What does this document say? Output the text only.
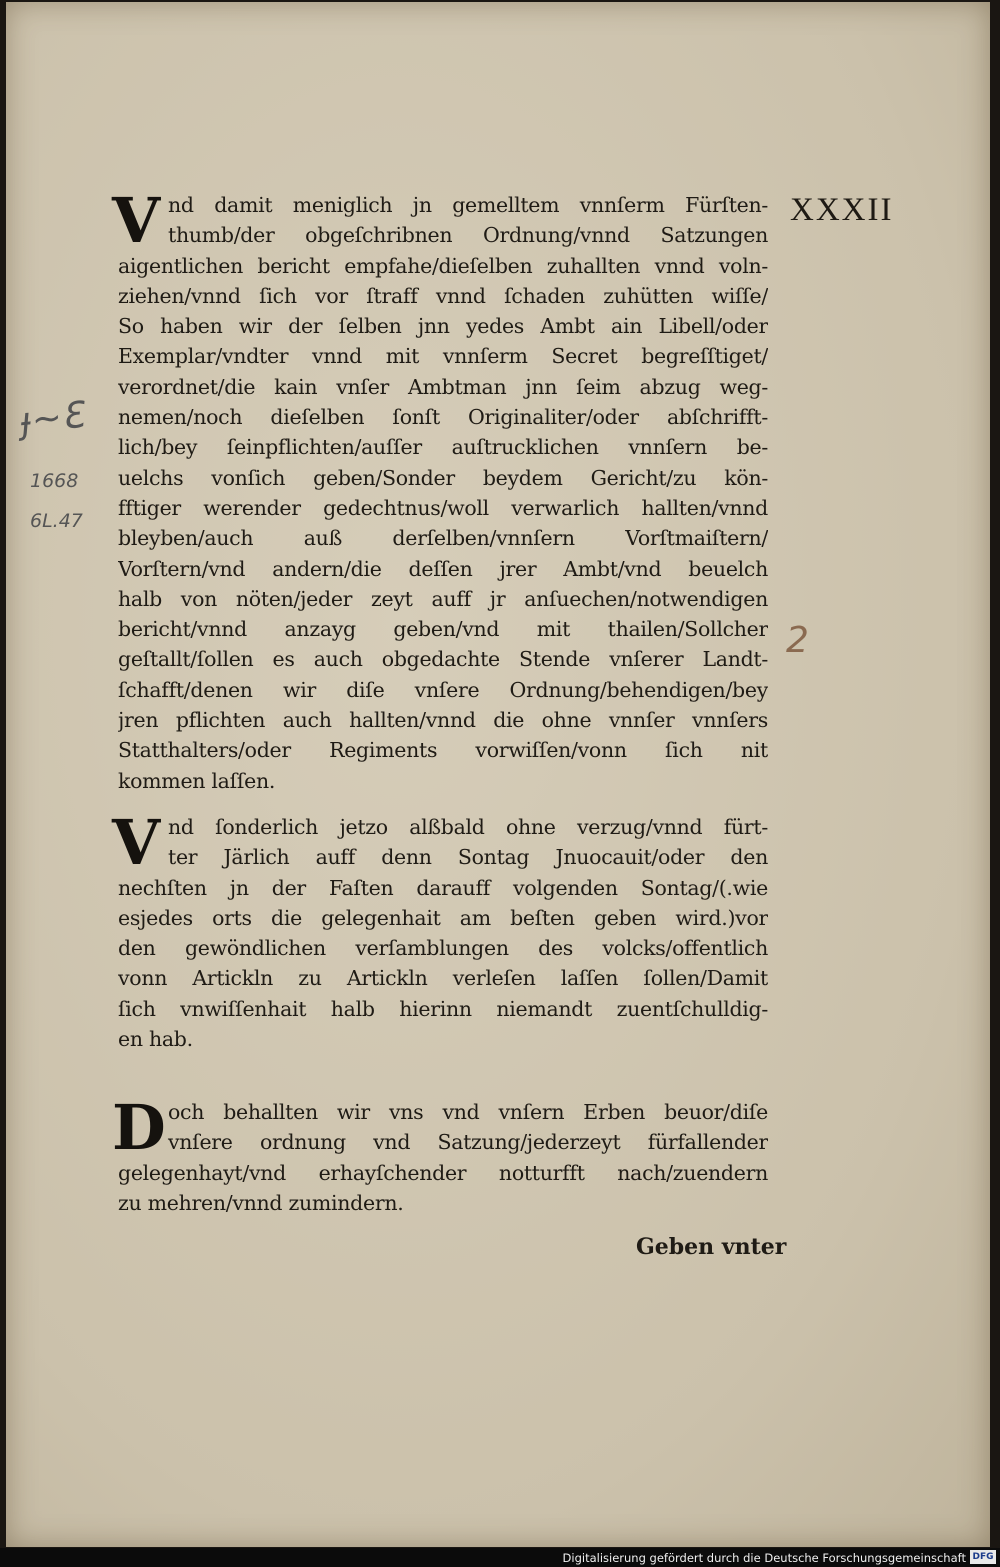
XXXII
V nd damit meniglich jn gemelltem vnnſerm Fürſten-
thumb/der obgeſchribnen Ordnung/vnnd Satzungen
aigentlichen bericht empfahe/dieſelben zuhallten vnnd voln-
ziehen/vnnd ſich vor ſtraff vnnd ſchaden zuhütten wiſſe/
So haben wir der ſelben jnn yedes Ambt ain Libell/oder
Exemplar/vndter vnnd mit vnnſerm Secret begreſſtiget/
verordnet/die kain vnſer Ambtman jnn ſeim abzug weg-
nemen/noch dieſelben ſonſt Originaliter/oder abſchrifft-
lich/bey ſeinpflichten/auſſer auſtrucklichen vnnſern be-
uelchs vonſich geben/Sonder beydem Gericht/zu kön-
fftiger werender gedechtnus/woll verwarlich hallten/vnnd
bleyben/auch auß derſelben/vnnſern Vorſtmaiſtern/
Vorſtern/vnd andern/die deſſen jrer Ambt/vnd beuelch
halb von nöten/jeder zeyt auff jr anſuechen/notwendigen
bericht/vnnd anzayg geben/vnd mit thailen/Sollcher
geſtallt/ſollen es auch obgedachte Stende vnſerer Landt-
ſchafft/denen wir diſe vnſere Ordnung/behendigen/bey
jren pflichten auch hallten/vnnd die ohne vnnſer vnnſers
Statthalters/oder Regiments vorwiſſen/vonn ſich nit
kommen laſſen.
V nd ſonderlich jetzo alßbald ohne verzug/vnnd fürt-
ter Järlich auff denn Sontag Jnuocauit/oder den
nechſten jn der Faſten darauff volgenden Sontag/(.wie
esjedes orts die gelegenhait am beſten geben wird.)vor
den gewöndlichen verſamblungen des volcks/offentlich
vonn Artickln zu Artickln verleſen laſſen ſollen/Damit
ſich vnwiſſenhait halb hierinn niemandt zuentſchulldig-
en hab.
D och behallten wir vns vnd vnſern Erben beuor/diſe
vnſere ordnung vnd Satzung/jederzeyt fürfallender
gelegenhayt/vnd erhayſchender notturfft nach/zuendern
zu mehren/vnnd zumindern.
Geben vnter
ɟ~Ɛ
1668
6L.47
2
Digitalisierung gefördert durch die Deutsche Forschungsgemeinschaft DFG
